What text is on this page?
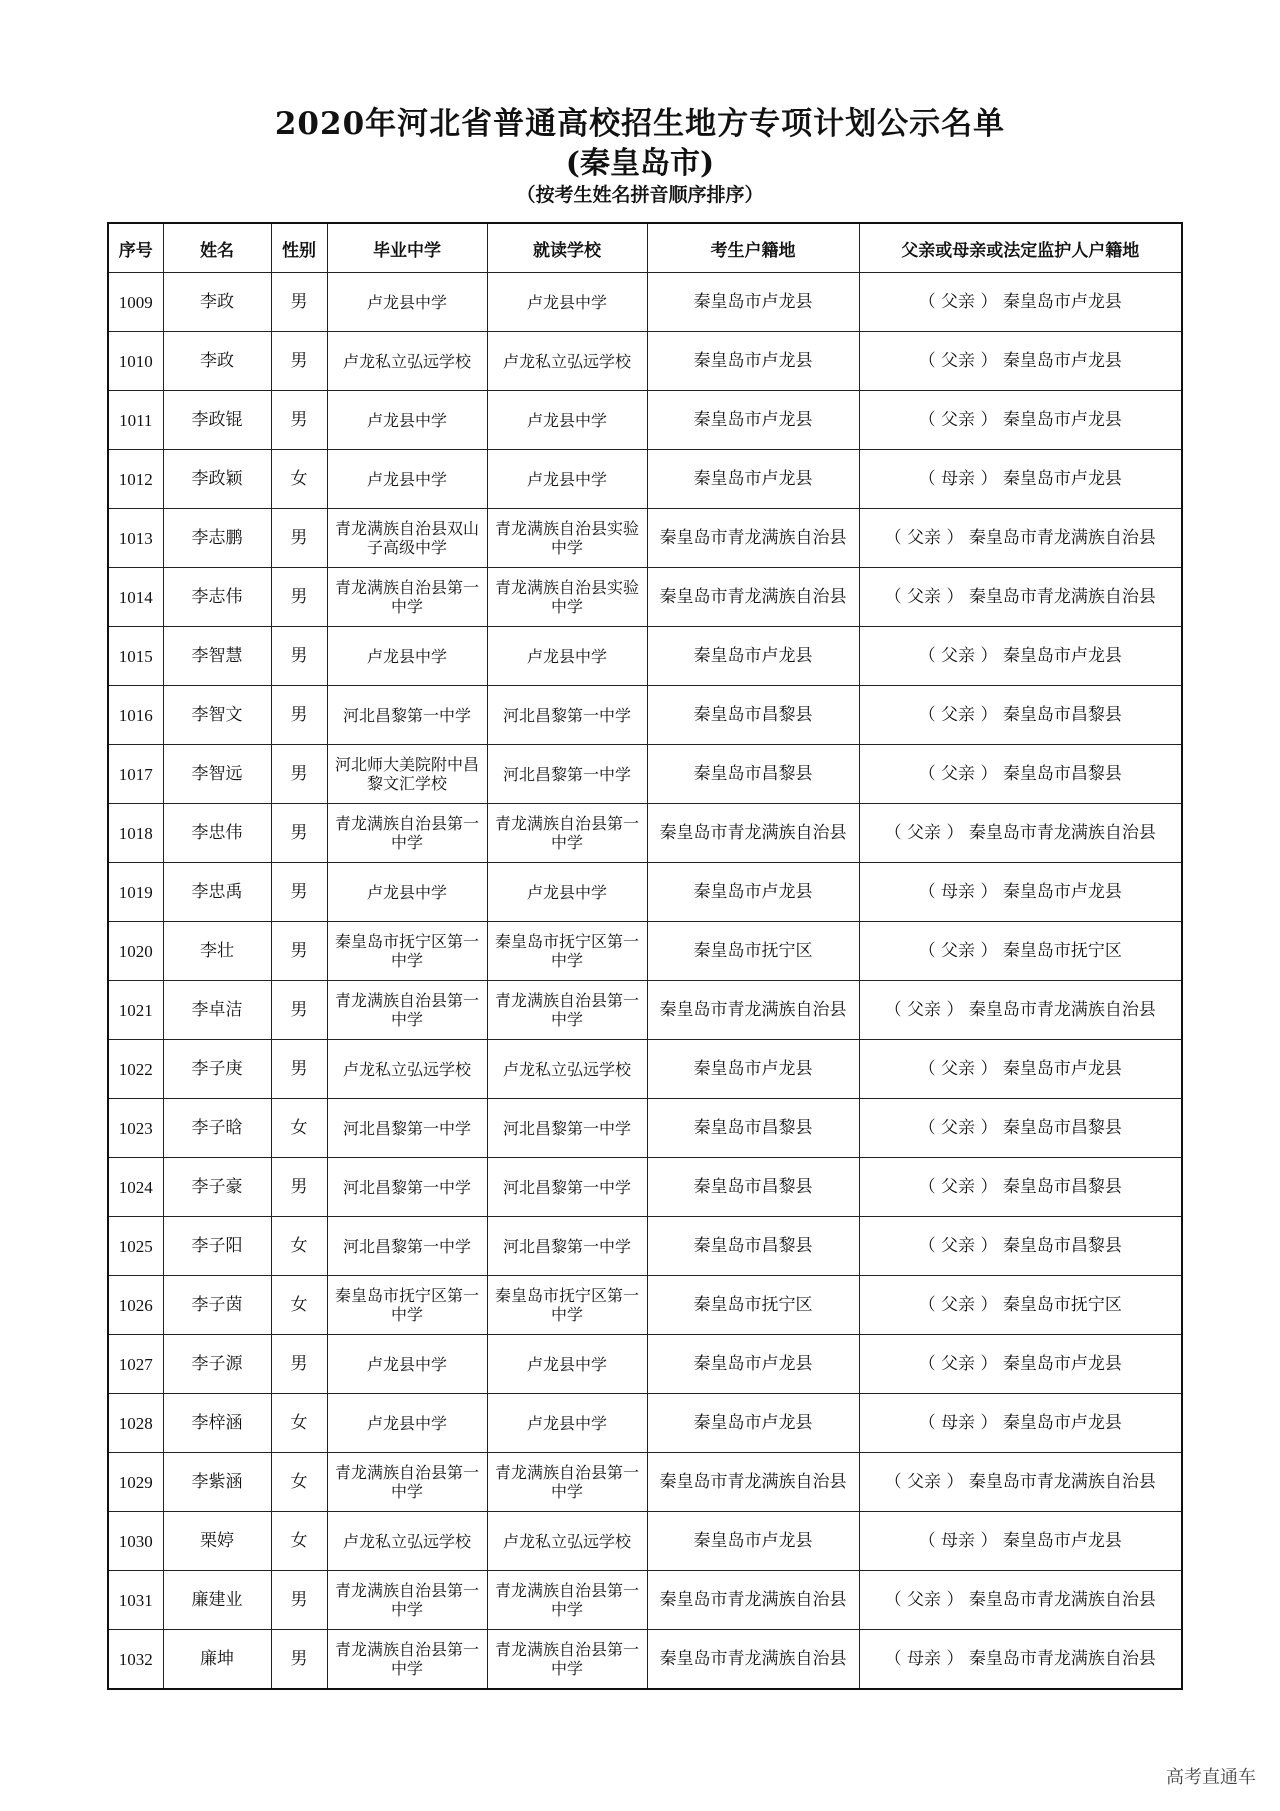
2020年河北省普通高校招生地方专项计划公示名单
(秦皇岛市)
（按考生姓名拼音顺序排序）
序号	姓名	性别	毕业中学	就读学校	考生户籍地	父亲或母亲或法定监护人户籍地
1009	李政	男	卢龙县中学	卢龙县中学	秦皇岛市卢龙县	（ 父亲 ） 秦皇岛市卢龙县
1010	李政	男	卢龙私立弘远学校	卢龙私立弘远学校	秦皇岛市卢龙县	（ 父亲 ） 秦皇岛市卢龙县
1011	李政锟	男	卢龙县中学	卢龙县中学	秦皇岛市卢龙县	（ 父亲 ） 秦皇岛市卢龙县
1012	李政颖	女	卢龙县中学	卢龙县中学	秦皇岛市卢龙县	（ 母亲 ） 秦皇岛市卢龙县
1013	李志鹏	男	青龙满族自治县双山子高级中学	青龙满族自治县实验中学	秦皇岛市青龙满族自治县	（ 父亲 ） 秦皇岛市青龙满族自治县
1014	李志伟	男	青龙满族自治县第一中学	青龙满族自治县实验中学	秦皇岛市青龙满族自治县	（ 父亲 ） 秦皇岛市青龙满族自治县
1015	李智慧	男	卢龙县中学	卢龙县中学	秦皇岛市卢龙县	（ 父亲 ） 秦皇岛市卢龙县
1016	李智文	男	河北昌黎第一中学	河北昌黎第一中学	秦皇岛市昌黎县	（ 父亲 ） 秦皇岛市昌黎县
1017	李智远	男	河北师大美院附中昌黎文汇学校	河北昌黎第一中学	秦皇岛市昌黎县	（ 父亲 ） 秦皇岛市昌黎县
1018	李忠伟	男	青龙满族自治县第一中学	青龙满族自治县第一中学	秦皇岛市青龙满族自治县	（ 父亲 ） 秦皇岛市青龙满族自治县
1019	李忠禹	男	卢龙县中学	卢龙县中学	秦皇岛市卢龙县	（ 母亲 ） 秦皇岛市卢龙县
1020	李壮	男	秦皇岛市抚宁区第一中学	秦皇岛市抚宁区第一中学	秦皇岛市抚宁区	（ 父亲 ） 秦皇岛市抚宁区
1021	李卓洁	男	青龙满族自治县第一中学	青龙满族自治县第一中学	秦皇岛市青龙满族自治县	（ 父亲 ） 秦皇岛市青龙满族自治县
1022	李子庚	男	卢龙私立弘远学校	卢龙私立弘远学校	秦皇岛市卢龙县	（ 父亲 ） 秦皇岛市卢龙县
1023	李子晗	女	河北昌黎第一中学	河北昌黎第一中学	秦皇岛市昌黎县	（ 父亲 ） 秦皇岛市昌黎县
1024	李子豪	男	河北昌黎第一中学	河北昌黎第一中学	秦皇岛市昌黎县	（ 父亲 ） 秦皇岛市昌黎县
1025	李子阳	女	河北昌黎第一中学	河北昌黎第一中学	秦皇岛市昌黎县	（ 父亲 ） 秦皇岛市昌黎县
1026	李子茵	女	秦皇岛市抚宁区第一中学	秦皇岛市抚宁区第一中学	秦皇岛市抚宁区	（ 父亲 ） 秦皇岛市抚宁区
1027	李子源	男	卢龙县中学	卢龙县中学	秦皇岛市卢龙县	（ 父亲 ） 秦皇岛市卢龙县
1028	李梓涵	女	卢龙县中学	卢龙县中学	秦皇岛市卢龙县	（ 母亲 ） 秦皇岛市卢龙县
1029	李紫涵	女	青龙满族自治县第一中学	青龙满族自治县第一中学	秦皇岛市青龙满族自治县	（ 父亲 ） 秦皇岛市青龙满族自治县
1030	栗婷	女	卢龙私立弘远学校	卢龙私立弘远学校	秦皇岛市卢龙县	（ 母亲 ） 秦皇岛市卢龙县
1031	廉建业	男	青龙满族自治县第一中学	青龙满族自治县第一中学	秦皇岛市青龙满族自治县	（ 父亲 ） 秦皇岛市青龙满族自治县
1032	廉坤	男	青龙满族自治县第一中学	青龙满族自治县第一中学	秦皇岛市青龙满族自治县	（ 母亲 ） 秦皇岛市青龙满族自治县
高考直通车
